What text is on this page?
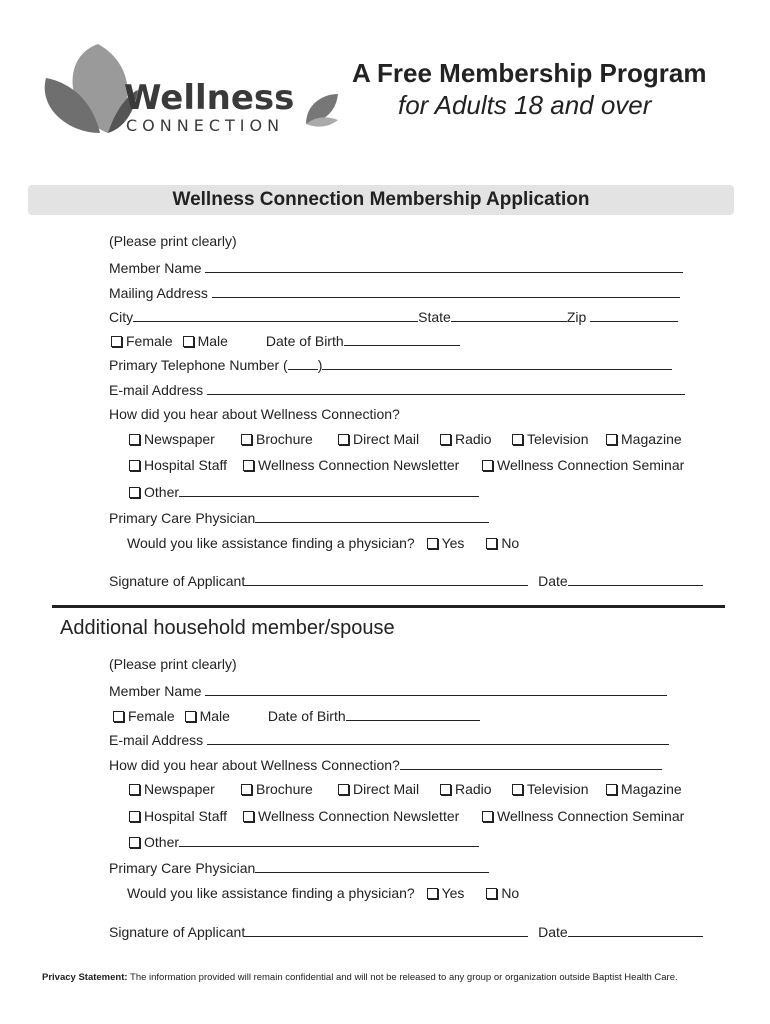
Wellness
CONNECTION
A Free Membership Program
for Adults 18 and over
Wellness Connection Membership Application
(Please print clearly)
Member Name
Mailing Address
City	State	Zip
Female Male	Date of Birth
Primary Telephone Number ( )
E-mail Address
How did you hear about Wellness Connection?
Newspaper	Brochure	Direct Mail	Radio	Television	Magazine
Hospital Staff	Wellness Connection Newsletter	Wellness Connection Seminar
Other
Primary Care Physician
Would you like assistance finding a physician? Yes	No
Signature of Applicant	Date
Additional household member/spouse
(Please print clearly)
Member Name
Female Male	Date of Birth
E-mail Address
How did you hear about Wellness Connection?
Newspaper	Brochure	Direct Mail	Radio	Television	Magazine
Hospital Staff	Wellness Connection Newsletter	Wellness Connection Seminar
Other
Primary Care Physician
Would you like assistance finding a physician? Yes	No
Signature of Applicant	Date
Privacy Statement: The information provided will remain confidential and will not be released to any group or organization outside Baptist Health Care.
